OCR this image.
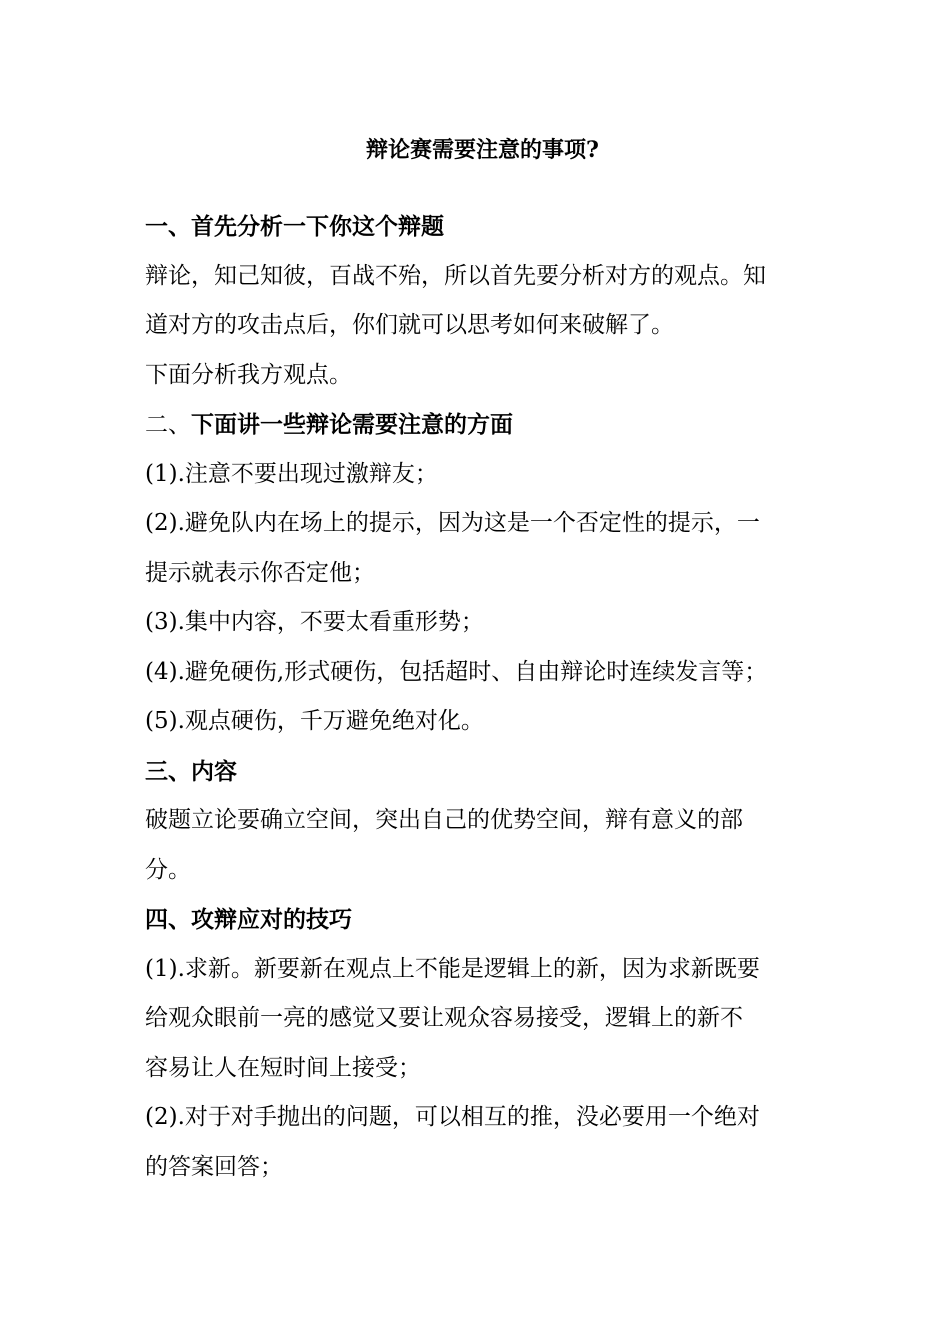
辩论赛需要注意的事项?
一、首先分析一下你这个辩题
辩论，知己知彼，百战不殆，所以首先要分析对方的观点。知
道对方的攻击点后，你们就可以思考如何来破解了。
下面分析我方观点。
二、下面讲一些辩论需要注意的方面
(1).注意不要出现过激辩友；
(2).避免队内在场上的提示，因为这是一个否定性的提示，一
提示就表示你否定他；
(3).集中内容，不要太看重形势；
(4).避免硬伤,形式硬伤，包括超时、自由辩论时连续发言等；
(5).观点硬伤，千万避免绝对化。
三、内容
破题立论要确立空间，突出自己的优势空间，辩有意义的部
分。
四、攻辩应对的技巧
(1).求新。新要新在观点上不能是逻辑上的新，因为求新既要
给观众眼前一亮的感觉又要让观众容易接受，逻辑上的新不
容易让人在短时间上接受；
(2).对于对手抛出的问题，可以相互的推，没必要用一个绝对
的答案回答；
